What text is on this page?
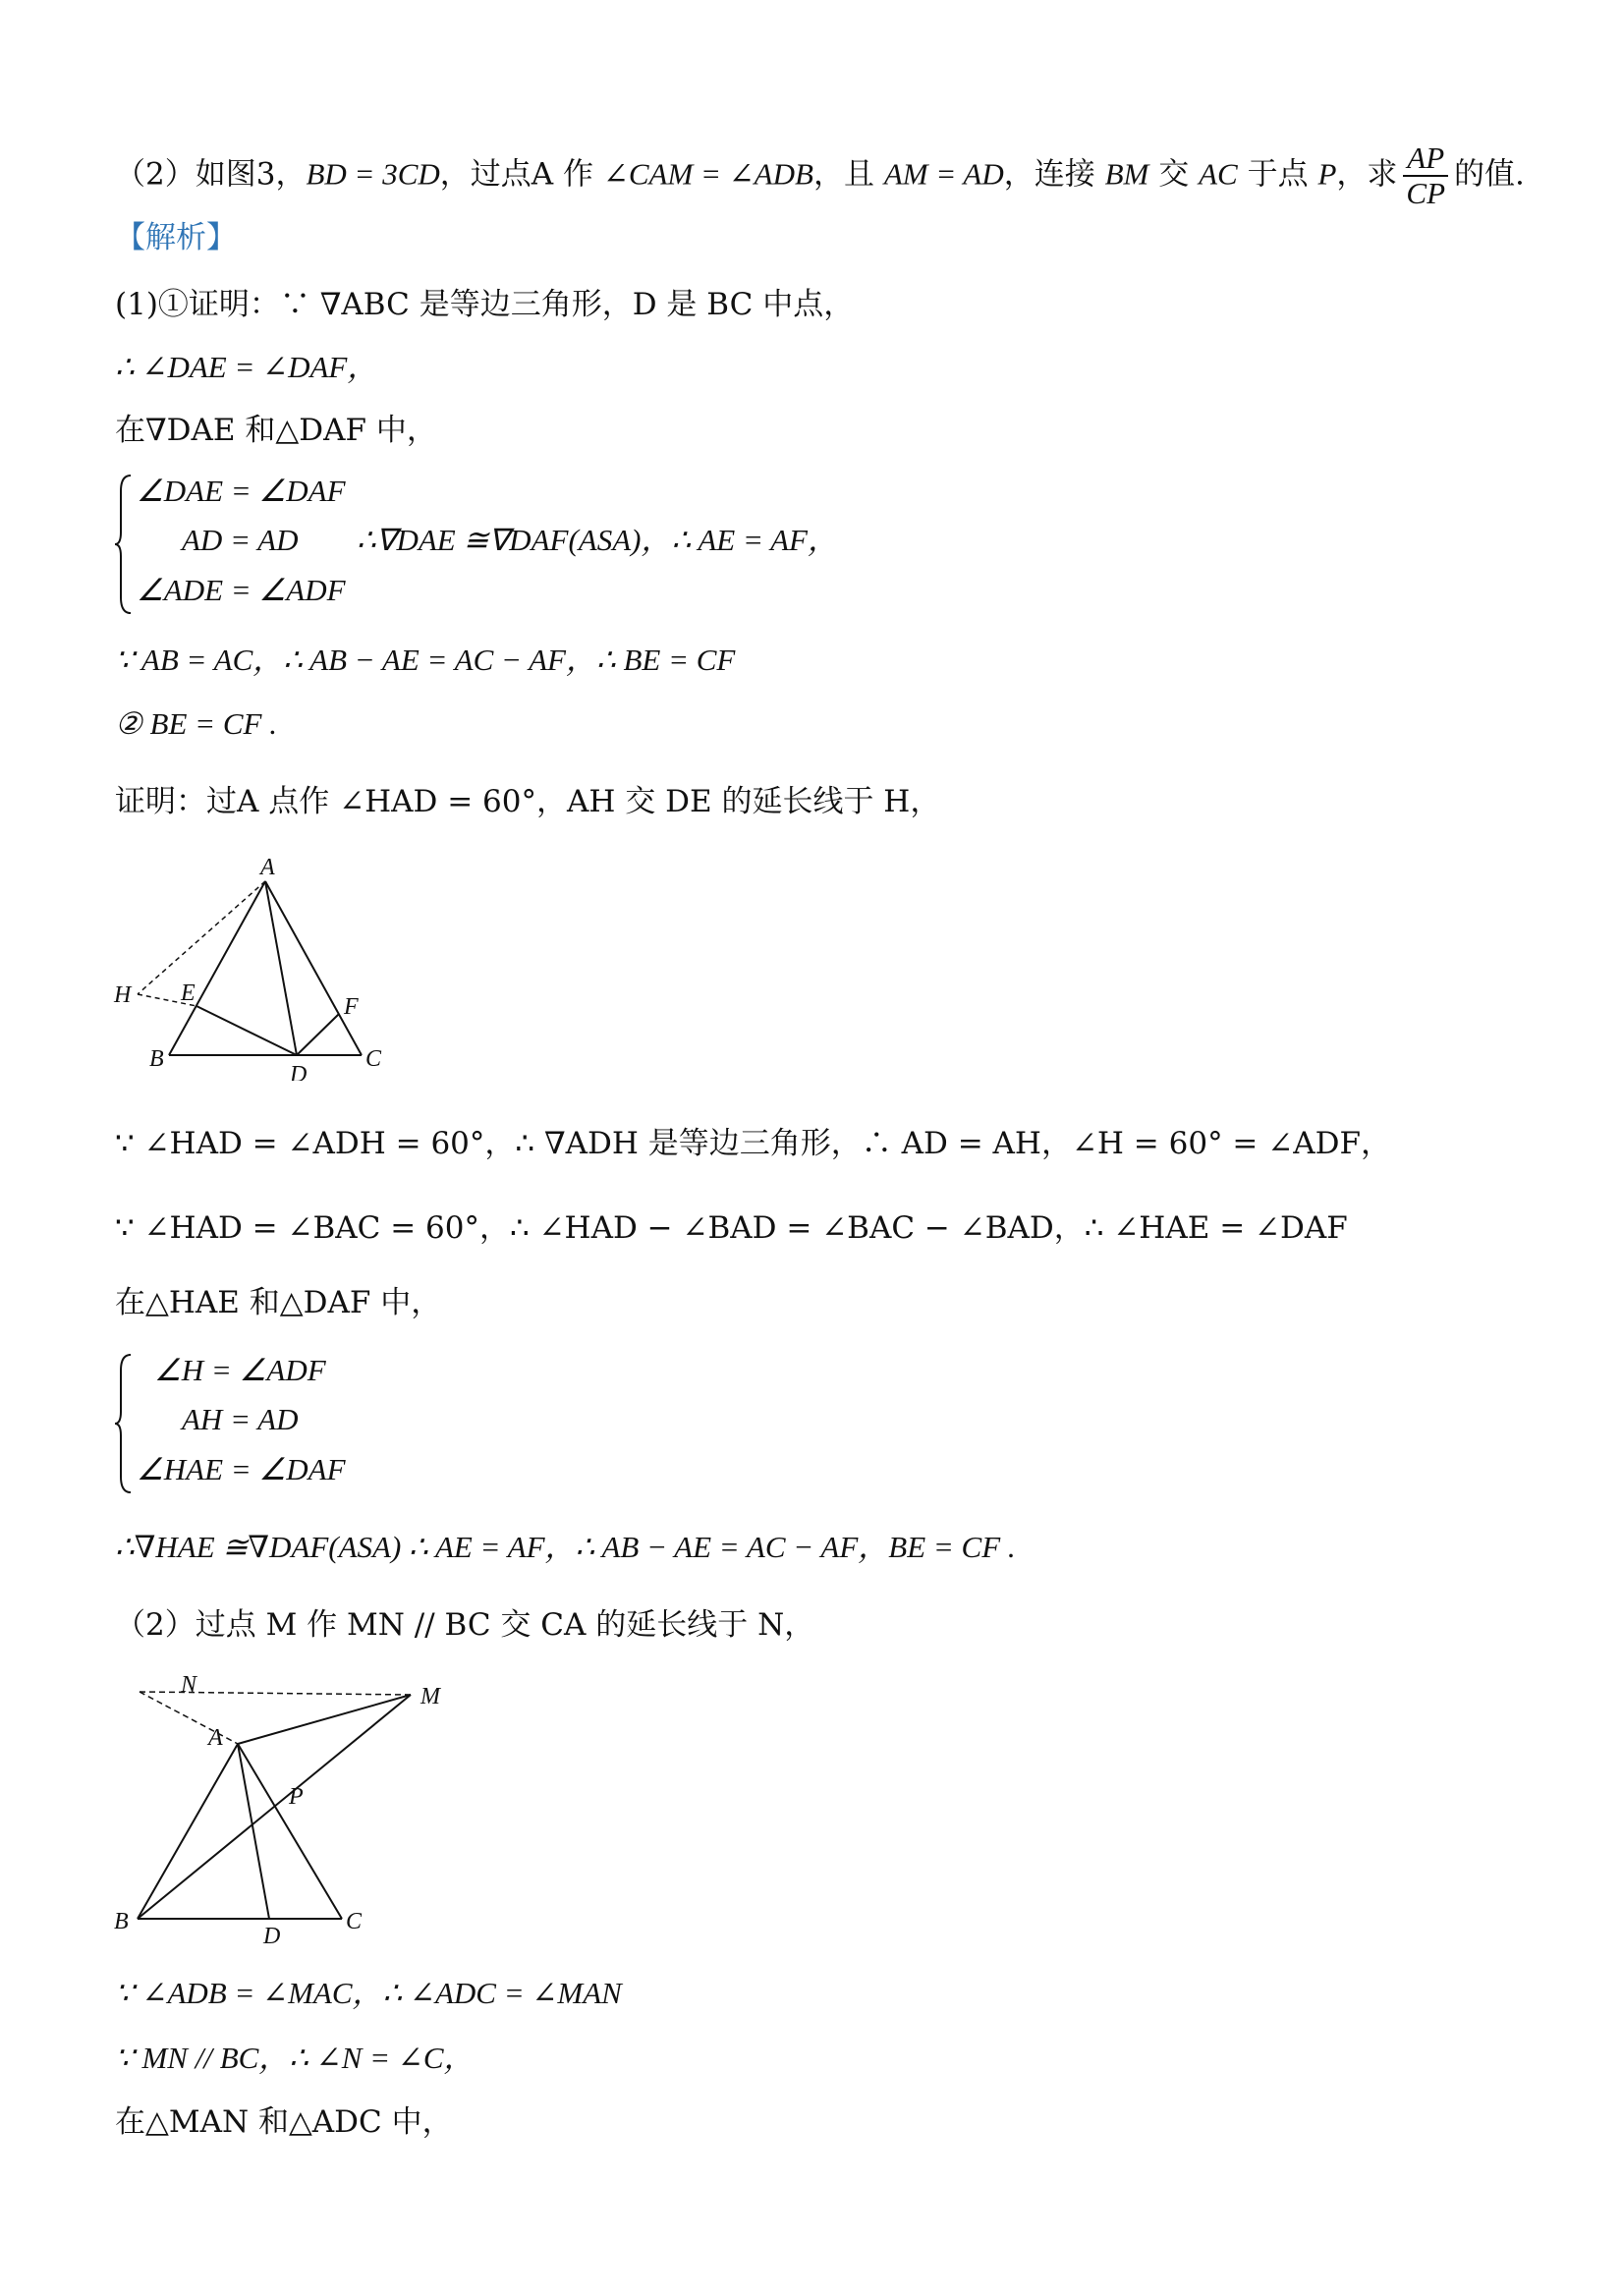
（2）如图3，BD = 3CD，过点A 作 ∠CAM = ∠ADB，且 AM = AD，连接 BM 交 AC 于点 P，求 $\frac{AP}{CP}$ 的值.
【解析】
(1)①证明：∵ ∇ABC 是等边三角形，D 是 BC 中点，
∴ ∠DAE = ∠DAF，
在∇DAE 和△DAF 中，
∠DAE = ∠DAF
AD = AD
∠ADE = ∠ADF
∴∇DAE ≅∇DAF(ASA)，∴ AE = AF，
∵ AB = AC，∴ AB − AE = AC − AF，∴ BE = CF
② BE = CF .
证明：过A 点作 ∠HAD = 60°，AH 交 DE 的延长线于 H，
A
H E
F
B
D
C
∵ ∠HAD = ∠ADH = 60°，∴ ∇ADH 是等边三角形，∴ AD = AH，∠H = 60° = ∠ADF，
∵ ∠HAD = ∠BAC = 60°，∴ ∠HAD − ∠BAD = ∠BAC − ∠BAD，∴ ∠HAE = ∠DAF
在△HAE 和△DAF 中，
∠H = ∠ADF
AH = AD
∠HAE = ∠DAF
∴∇HAE ≅∇DAF(ASA) ∴ AE = AF，∴ AB − AE = AC − AF，BE = CF .
（2）过点 M 作 MN // BC 交 CA 的延长线于 N，
N	M
A
P
B
D
C
∵ ∠ADB = ∠MAC，∴ ∠ADC = ∠MAN
∵ MN // BC，∴ ∠N = ∠C，
在△MAN 和△ADC 中，
